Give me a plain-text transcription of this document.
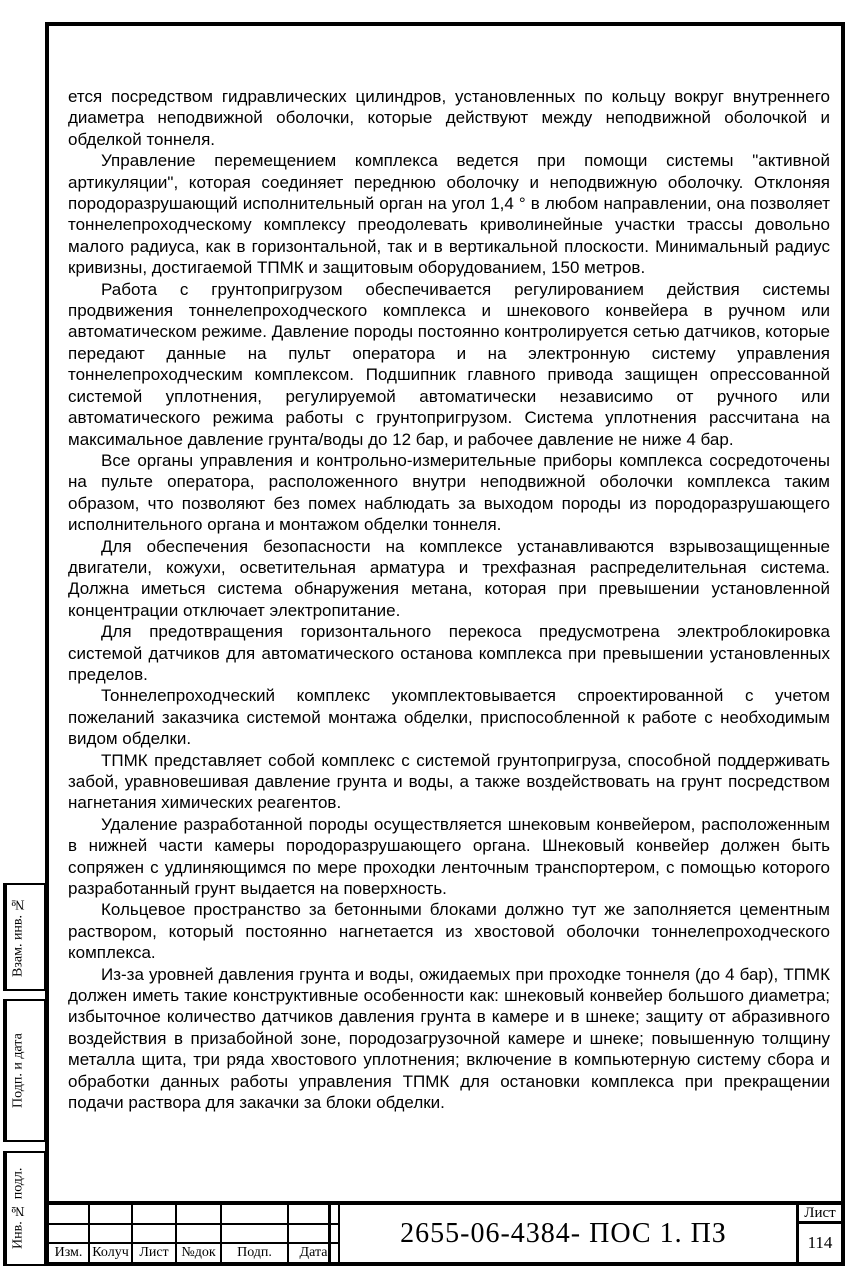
ется посредством гидравлических цилиндров, установленных по кольцу вокруг внутреннего диаметра неподвижной оболочки, которые действуют между неподвижной оболочкой и обделкой тоннеля.

Управление перемещением комплекса ведется при помощи системы "активной артикуляции", которая соединяет переднюю оболочку и неподвижную оболочку. Отклоняя породоразрушающий исполнительный орган на угол 1,4 ° в любом направлении, она позволяет тоннелепроходческому комплексу преодолевать криволинейные участки трассы довольно малого радиуса, как в горизонтальной, так и в вертикальной плоскости. Минимальный радиус кривизны, достигаемой ТПМК и защитовым оборудованием, 150 метров.

Работа с грунтопригрузом обеспечивается регулированием действия системы продвижения тоннелепроходческого комплекса и шнекового конвейера в ручном или автоматическом режиме. Давление породы постоянно контролируется сетью датчиков, которые передают данные на пульт оператора и на электронную систему управления тоннелепроходческим комплексом. Подшипник главного привода защищен опрессованной системой уплотнения, регулируемой автоматически независимо от ручного или автоматического режима работы с грунтопригрузом. Система уплотнения рассчитана на максимальное давление грунта/воды до 12 бар, и рабочее давление не ниже 4 бар.

Все органы управления и контрольно-измерительные приборы комплекса сосредоточены на пульте оператора, расположенного внутри неподвижной оболочки комплекса таким образом, что позволяют без помех наблюдать за выходом породы из породоразрушающего исполнительного органа и монтажом обделки тоннеля.

Для обеспечения безопасности на комплексе устанавливаются взрывозащищенные двигатели, кожухи, осветительная арматура и трехфазная распределительная система. Должна иметься система обнаружения метана, которая при превышении установленной концентрации отключает электропитание.

Для предотвращения горизонтального перекоса предусмотрена электроблокировка системой датчиков для автоматического останова комплекса при превышении установленных пределов.

Тоннелепроходческий комплекс укомплектовывается спроектированной с учетом пожеланий заказчика системой монтажа обделки, приспособленной к работе с необходимым видом обделки.

ТПМК представляет собой комплекс с системой грунтопригруза, способной поддерживать забой, уравновешивая давление грунта и воды, а также воздействовать на грунт посредством нагнетания химических реагентов.

Удаление разработанной породы осуществляется шнековым конвейером, расположенным в нижней части камеры породоразрушающего органа. Шнековый конвейер должен быть сопряжен с удлиняющимся по мере проходки ленточным транспортером, с помощью которого разработанный грунт выдается на поверхность.

Кольцевое пространство за бетонными блоками должно тут же заполняется цементным раствором, который постоянно нагнетается из хвостовой оболочки тоннелепроходческого комплекса.

Из-за уровней давления грунта и воды, ожидаемых при проходке тоннеля (до 4 бар), ТПМК должен иметь такие конструктивные особенности как: шнековый конвейер большого диаметра; избыточное количество датчиков давления грунта в камере и в шнеке; защиту от абразивного воздействия в призабойной зоне, породозагрузочной камере и шнеке; повышенную толщину металла щита, три ряда хвостового уплотнения; включение в компьютерную систему сбора и обработки данных работы управления ТПМК для остановки комплекса при прекращении подачи раствора для закачки за блоки обделки.

Взам. инв. №
Подп. и дата
Инв. № подл.

Изм.	Колуч	Лист	№док	Подп.	Дата
2655-06-4384- ПОС 1. ПЗ
Лист
114
